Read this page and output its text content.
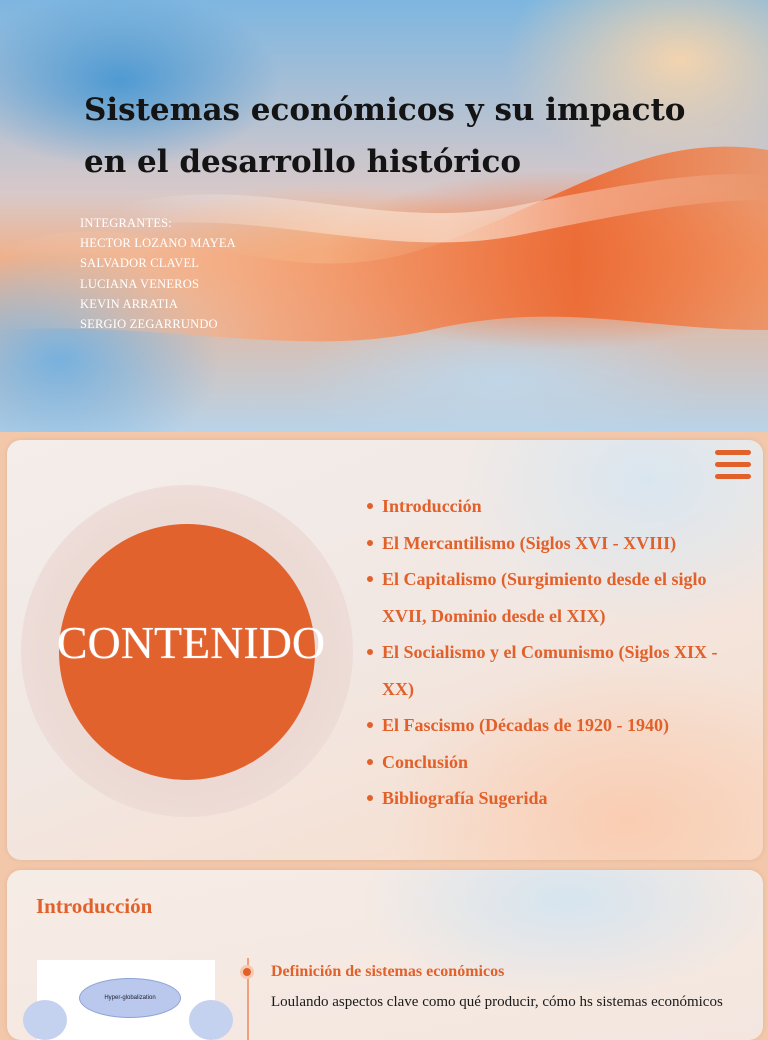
Sistemas económicos y su impacto en el desarrollo histórico
INTEGRANTES:
HECTOR LOZANO MAYEA
SALVADOR CLAVEL
LUCIANA VENEROS
KEVIN ARRATIA
SERGIO ZEGARRUNDO
CONTENIDO
Introducción
El Mercantilismo (Siglos XVI - XVIII)
El Capitalismo (Surgimiento desde el siglo XVII, Dominio desde el XIX)
El Socialismo y el Comunismo (Siglos XIX - XX)
El Fascismo (Décadas de 1920 - 1940)
Conclusión
Bibliografía Sugerida
Introducción
Hyper-globalization
Definición de sistemas económicos
Loulando aspectos clave como qué producir, cómo hs sistemas económicos
